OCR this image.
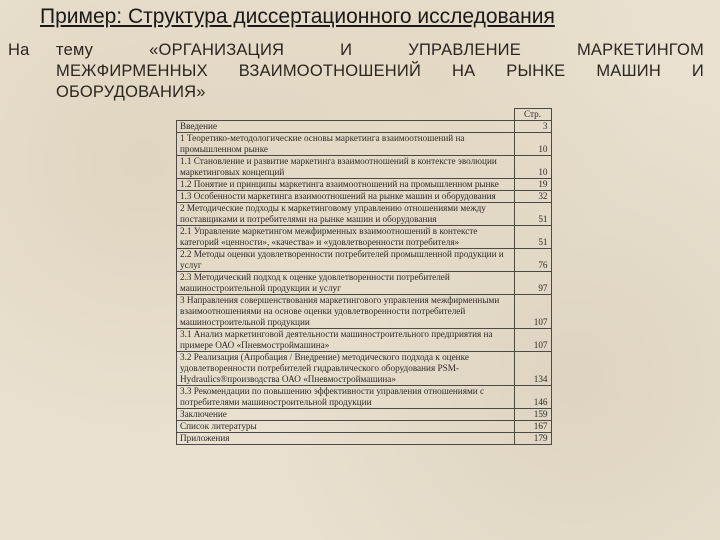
Пример: Структура диссертационного исследования
На тему «ОРГАНИЗАЦИЯ И УПРАВЛЕНИЕ МАРКЕТИНГОМ
МЕЖФИРМЕННЫХ ВЗАИМООТНОШЕНИЙ НА РЫНКЕ МАШИН И
ОБОРУДОВАНИЯ»
	Стр.
Введение	3
1 Теоретико-методологические основы маркетинга взаимоотношений на промышленном рынке	10
1.1 Становление и развитие маркетинга взаимоотношений в контексте эволюции маркетинговых концепций	10
1.2 Понятие и принципы маркетинга взаимоотношений на промышленном рынке	19
1.3 Особенности маркетинга взаимоотношений на рынке машин и оборудования	32
2 Методические подходы к маркетинговому управлению отношениями между поставщиками и потребителями на рынке машин и оборудования	51
2.1 Управление маркетингом межфирменных взаимоотношений в контексте категорий «ценности», «качества» и «удовлетворенности потребителя»	51
2.2 Методы оценки удовлетворенности потребителей промышленной продукции и услуг	76
2.3 Методический подход к оценке удовлетворенности потребителей машиностроительной продукции и услуг	97
3 Направления совершенствования маркетингового управления межфирменными взаимоотношениями на основе оценки удовлетворенности потребителей машиностроительной продукции	107
3.1 Анализ маркетинговой деятельности машиностроительного предприятия на примере ОАО «Пневмостроймашина»	107
3.2 Реализация (Апробация / Внедрение) методического подхода к оценке удовлетворенности потребителей гидравлического оборудования PSM-Hydraulics®производства ОАО «Пневмостроймашина»	134
3.3 Рекомендации по повышению эффективности управления отношениями с потребителями машиностроительной продукции	146
Заключение	159
Список литературы	167
Приложения	179
